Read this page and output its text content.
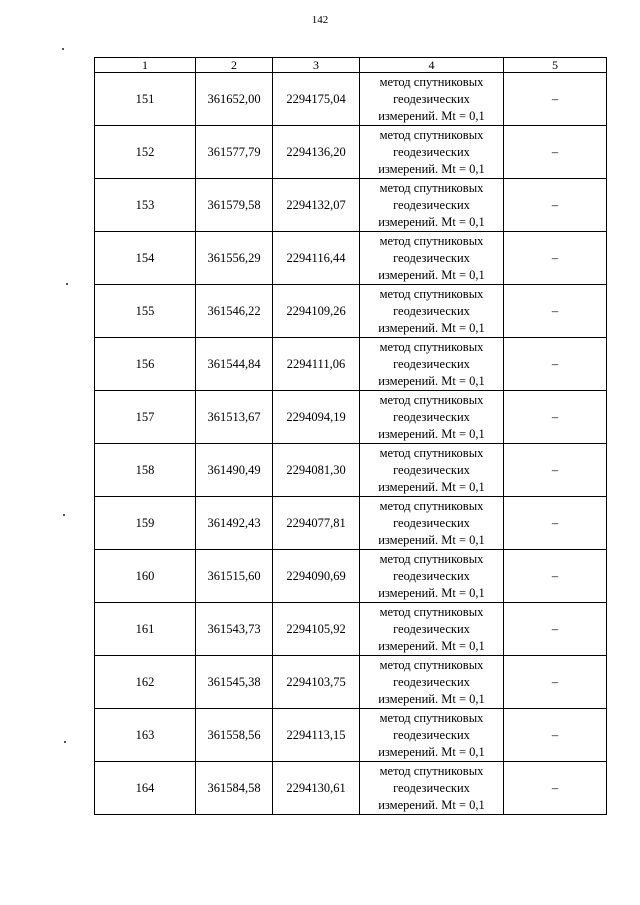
142
1	2	3	4	5
151	361652,00	2294175,04	метод спутниковых
геодезических
измерений. Mt = 0,1	–
152	361577,79	2294136,20	метод спутниковых
геодезических
измерений. Mt = 0,1	–
153	361579,58	2294132,07	метод спутниковых
геодезических
измерений. Mt = 0,1	–
154	361556,29	2294116,44	метод спутниковых
геодезических
измерений. Mt = 0,1	–
155	361546,22	2294109,26	метод спутниковых
геодезических
измерений. Mt = 0,1	–
156	361544,84	2294111,06	метод спутниковых
геодезических
измерений. Mt = 0,1	–
157	361513,67	2294094,19	метод спутниковых
геодезических
измерений. Mt = 0,1	–
158	361490,49	2294081,30	метод спутниковых
геодезических
измерений. Mt = 0,1	–
159	361492,43	2294077,81	метод спутниковых
геодезических
измерений. Mt = 0,1	–
160	361515,60	2294090,69	метод спутниковых
геодезических
измерений. Mt = 0,1	–
161	361543,73	2294105,92	метод спутниковых
геодезических
измерений. Mt = 0,1	–
162	361545,38	2294103,75	метод спутниковых
геодезических
измерений. Mt = 0,1	–
163	361558,56	2294113,15	метод спутниковых
геодезических
измерений. Mt = 0,1	–
164	361584,58	2294130,61	метод спутниковых
геодезических
измерений. Mt = 0,1	–
